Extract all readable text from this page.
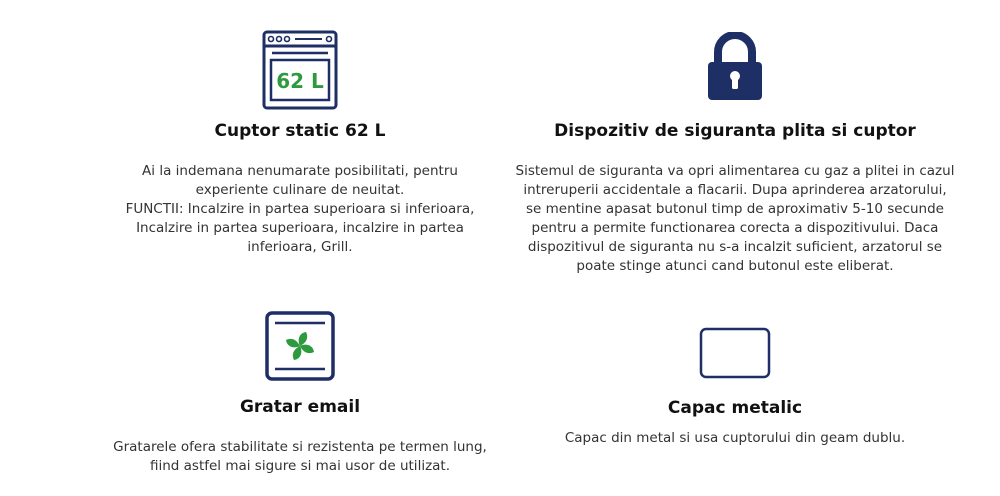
62 L
Cuptor static 62 L

Ai la indemana nenumarate posibilitati, pentru
experiente culinare de neuitat.
FUNCTII: Incalzire in partea superioara si inferioara,
Incalzire in partea superioara, incalzire in partea
inferioara, Grill.

Dispozitiv de siguranta plita si cuptor

Sistemul de siguranta va opri alimentarea cu gaz a plitei in cazul
intreruperii accidentale a flacarii. Dupa aprinderea arzatorului,
se mentine apasat butonul timp de aproximativ 5-10 secunde
pentru a permite functionarea corecta a dispozitivului. Daca
dispozitivul de siguranta nu s-a incalzit suficient, arzatorul se
poate stinge atunci cand butonul este eliberat.

Gratar email

Gratarele ofera stabilitate si rezistenta pe termen lung,
fiind astfel mai sigure si mai usor de utilizat.

Capac metalic

Capac din metal si usa cuptorului din geam dublu.
